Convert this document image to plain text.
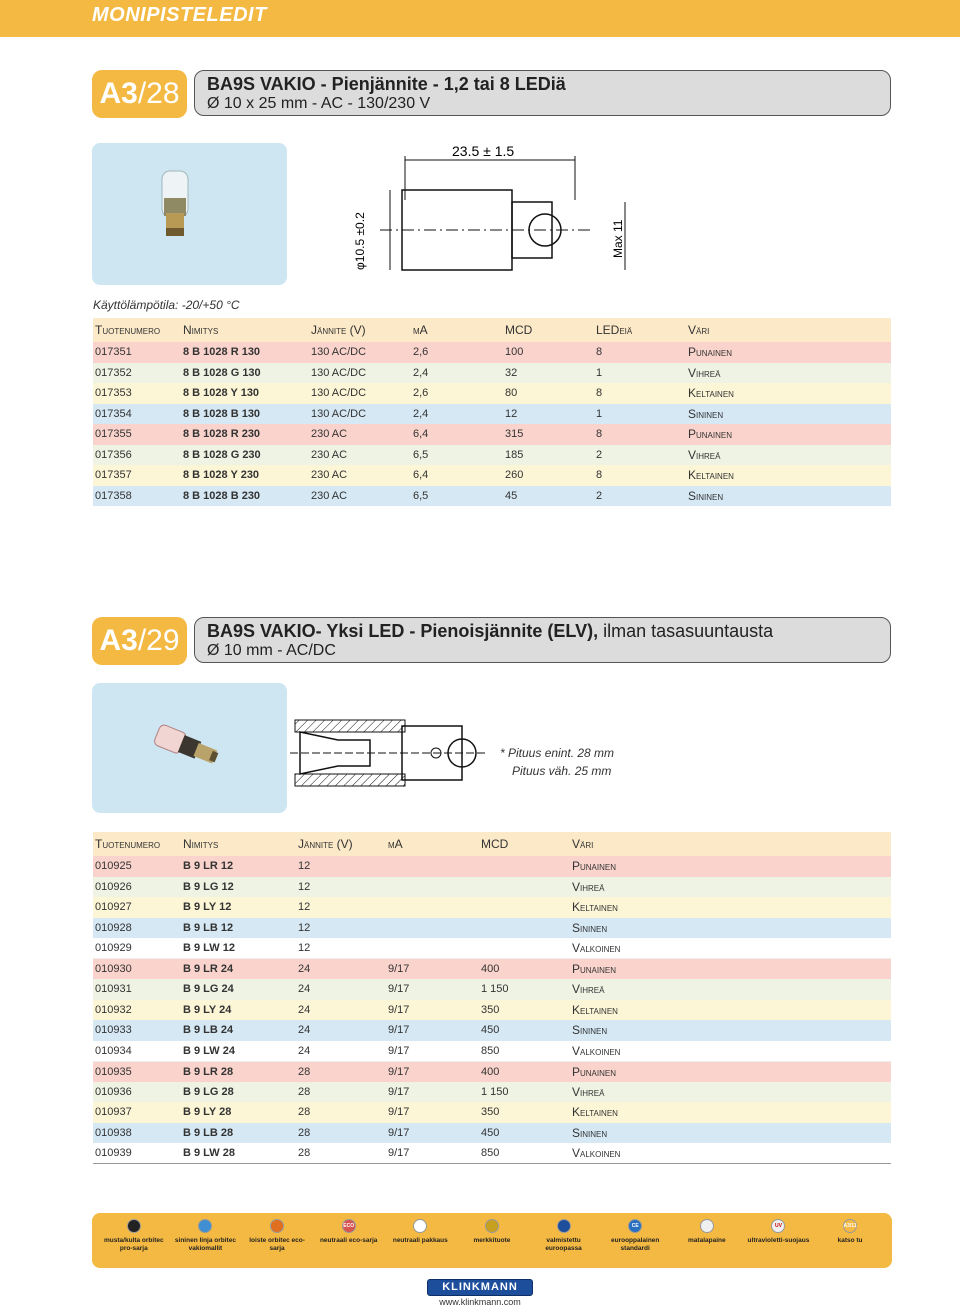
MONIPISTELEDIT
A3 /28 BA9S VAKIO - Pienjännite - 1,2 tai 8 LEDiä
Ø 10 x 25 mm - AC - 130/230 V
23.5 ± 1.5
φ10.5 ±0.2	Max 11
Käyttölämpötila: -20/+50 °C
Tuotenumero	Nimitys	Jännite (V)	mA	MCD	LEDeiä	Väri
017351	8 B 1028 R 130	130 AC/DC	2,6	100	8	Punainen
017352	8 B 1028 G 130	130 AC/DC	2,4	32	1	Vihreä
017353	8 B 1028 Y 130	130 AC/DC	2,6	80	8	Keltainen
017354	8 B 1028 B 130	130 AC/DC	2,4	12	1	Sininen
017355	8 B 1028 R 230	230 AC	6,4	315	8	Punainen
017356	8 B 1028 G 230	230 AC	6,5	185	2	Vihreä
017357	8 B 1028 Y 230	230 AC	6,4	260	8	Keltainen
017358	8 B 1028 B 230	230 AC	6,5	45	2	Sininen
A3 /29 BA9S VAKIO- Yksi LED - Pienoisjännite (ELV), ilman tasasuuntausta
Ø 10 mm - AC/DC
* Pituus enint. 28 mm
Pituus väh. 25 mm
Tuotenumero	Nimitys	Jännite (V)	mA	MCD	Väri
010925	B 9 LR 12	12			Punainen
010926	B 9 LG 12	12			Vihreä
010927	B 9 LY 12	12			Keltainen
010928	B 9 LB 12	12			Sininen
010929	B 9 LW 12	12			Valkoinen
010930	B 9 LR 24	24	9/17	400	Punainen
010931	B 9 LG 24	24	9/17	1 150	Vihreä
010932	B 9 LY 24	24	9/17	350	Keltainen
010933	B 9 LB 24	24	9/17	450	Sininen
010934	B 9 LW 24	24	9/17	850	Valkoinen
010935	B 9 LR 28	28	9/17	400	Punainen
010936	B 9 LG 28	28	9/17	1 150	Vihreä
010937	B 9 LY 28	28	9/17	350	Keltainen
010938	B 9 LB 28	28	9/17	450	Sininen
010939	B 9 LW 28	28	9/17	850	Valkoinen
musta/kulta orbitec pro-sarja
sininen linja orbitec vakiomallit
loiste orbitec eco-sarja
ECO
neutraali eco-sarja	neutraali pakkaus	merkkituote	valmistettu euroopassa
CE
eurooppalainen standardi
matalapaine
UV
ultravioletti-suojaus
A3/11
katso tu
KLINKMANN
www.klinkmann.com
